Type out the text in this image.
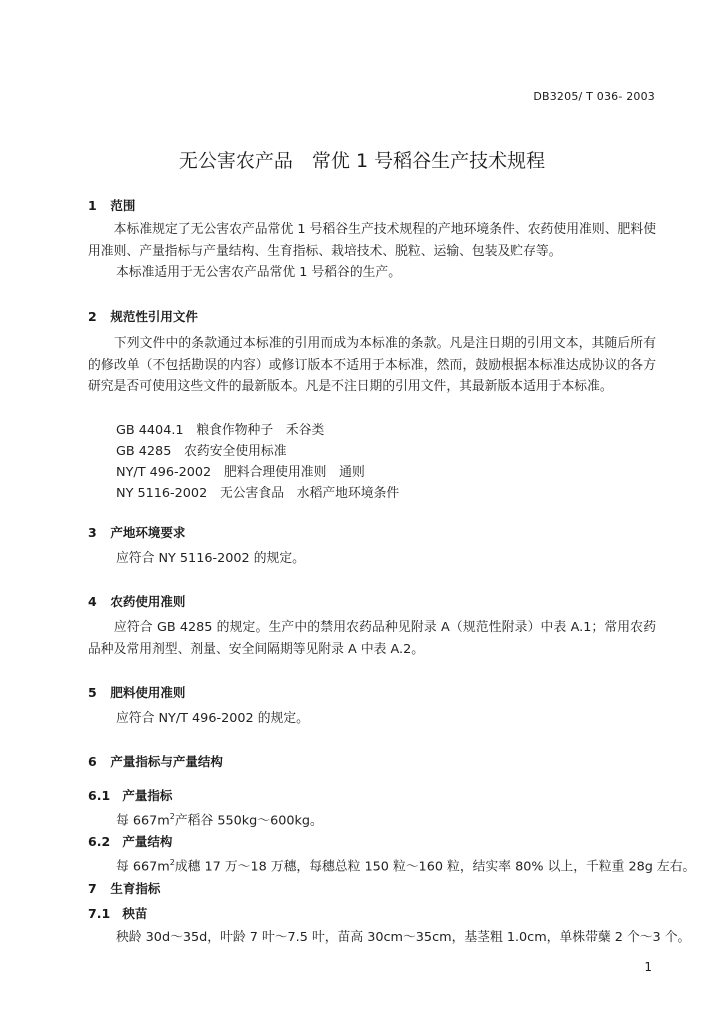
DB3205/ T 036- 2003
无公害农产品　常优 1 号稻谷生产技术规程
1 范围
　　本标准规定了无公害农产品常优 1 号稻谷生产技术规程的产地环境条件、农药使用准则、肥料使用准则、产量指标与产量结构、生育指标、栽培技术、脱粒、运输、包装及贮存等。
本标准适用于无公害农产品常优 1 号稻谷的生产。
2 规范性引用文件
　　下列文件中的条款通过本标准的引用而成为本标准的条款。凡是注日期的引用文本，其随后所有的修改单（不包括勘误的内容）或修订版本不适用于本标准，然而，鼓励根据本标准达成协议的各方研究是否可使用这些文件的最新版本。凡是不注日期的引用文件，其最新版本适用于本标准。
GB 4404.1　粮食作物种子　禾谷类
GB 4285　农药安全使用标准
NY/T 496-2002　肥料合理使用准则　通则
NY 5116-2002　无公害食品　水稻产地环境条件
3 产地环境要求
应符合 NY 5116-2002 的规定。
4 农药使用准则
　　应符合 GB 4285 的规定。生产中的禁用农药品种见附录 A（规范性附录）中表 A.1；常用农药品种及常用剂型、剂量、安全间隔期等见附录 A 中表 A.2。
5 肥料使用准则
应符合 NY/T 496-2002 的规定。
6 产量指标与产量结构
6.1 产量指标
每 $667m^2$产稻谷 550kg～600kg。
6.2 产量结构
每 $667m^2$成穗 17 万～18 万穗，每穗总粒 150 粒～160 粒，结实率 80% 以上，千粒重 28g 左右。
7 生育指标
7.1 秧苗
秧龄 30d～35d，叶龄 7 叶～7.5 叶，苗高 30cm～35cm，基茎粗 1.0cm，单株带蘖 2 个～3 个。
1
